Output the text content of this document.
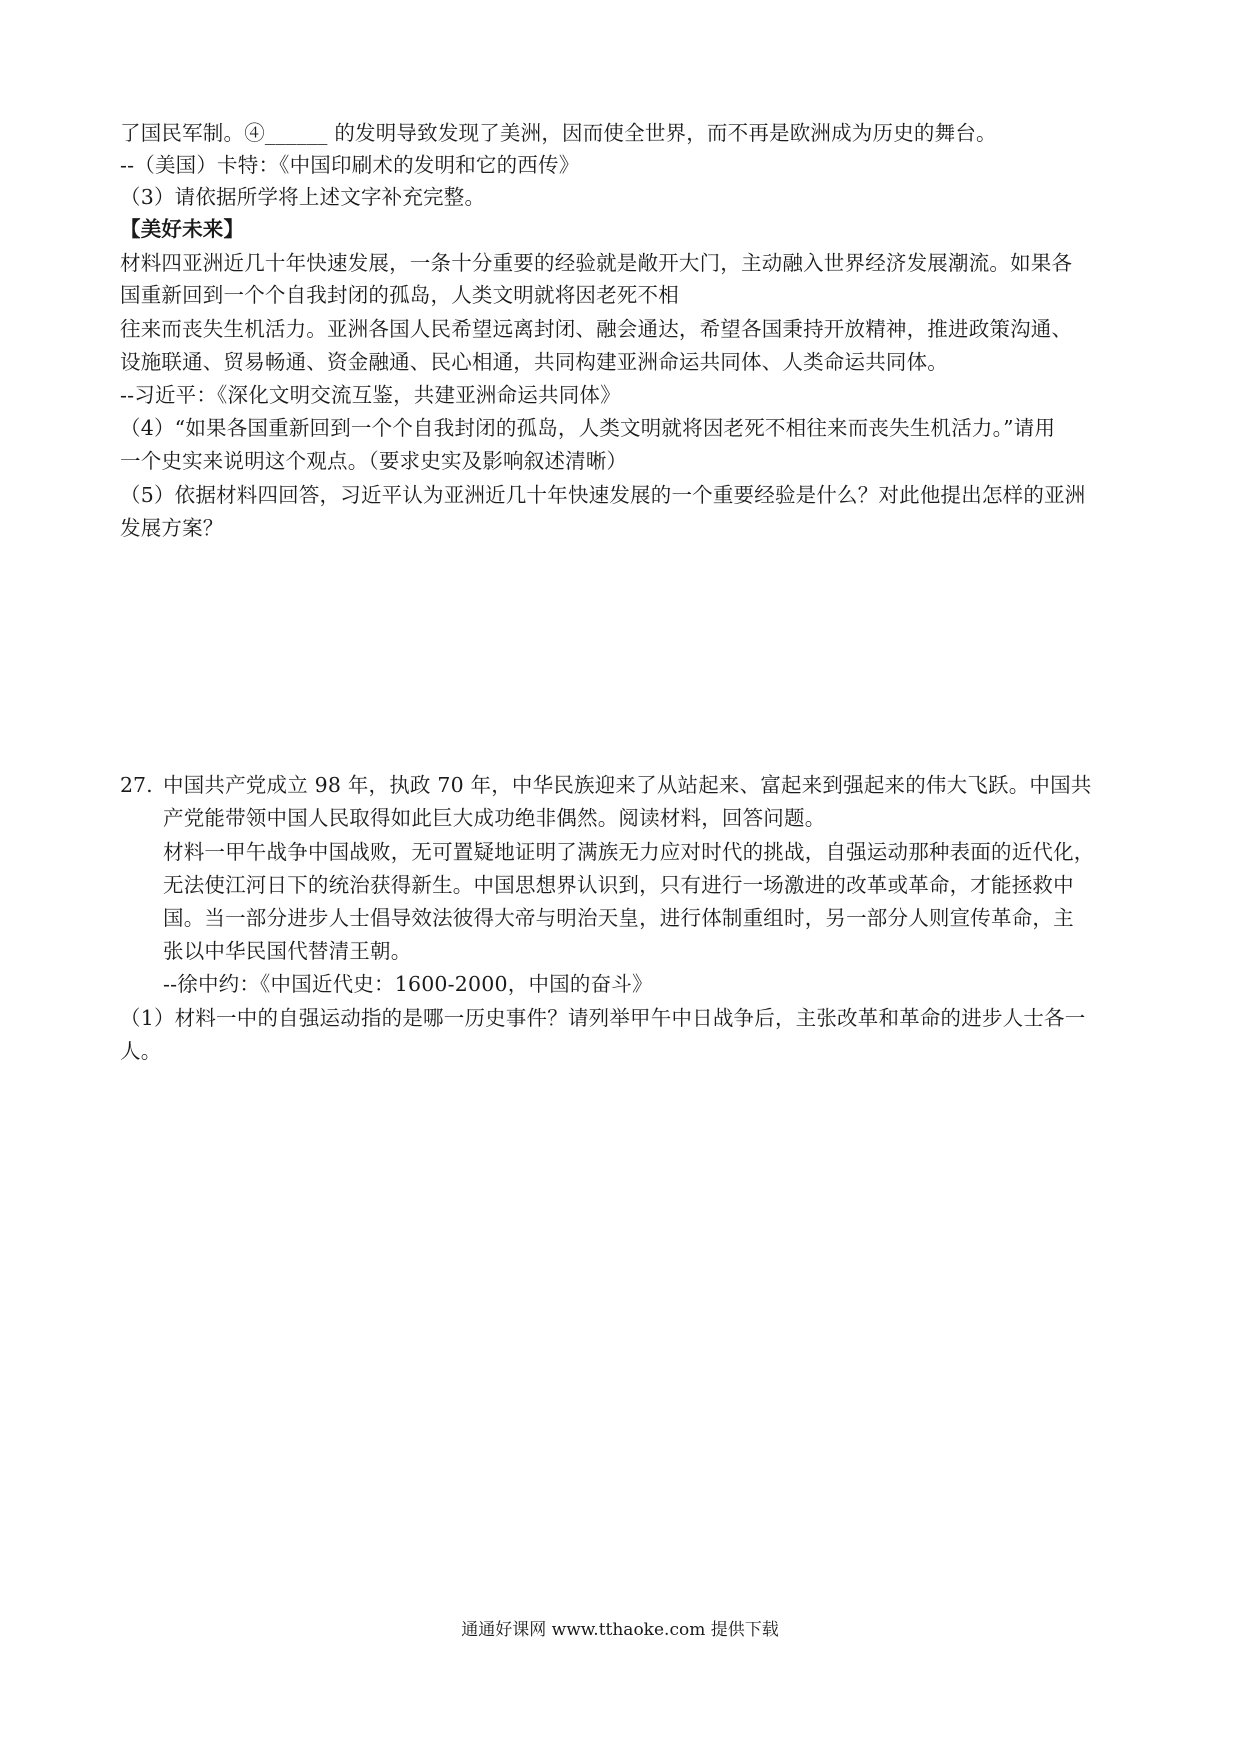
了国民军制。④______ 的发明导致发现了美洲，因而使全世界，而不再是欧洲成为历史的舞台。
--（美国）卡特：《中国印刷术的发明和它的西传》
（3）请依据所学将上述文字补充完整。
【美好未来】
材料四亚洲近几十年快速发展，一条十分重要的经验就是敞开大门，主动融入世界经济发展潮流。如果各
国重新回到一个个自我封闭的孤岛，人类文明就将因老死不相
往来而丧失生机活力。亚洲各国人民希望远离封闭、融会通达，希望各国秉持开放精神，推进政策沟通、
设施联通、贸易畅通、资金融通、民心相通，共同构建亚洲命运共同体、人类命运共同体。
--习近平：《深化文明交流互鉴，共建亚洲命运共同体》
（4）“如果各国重新回到一个个自我封闭的孤岛，人类文明就将因老死不相往来而丧失生机活力。”请用
一个史实来说明这个观点。（要求史实及影响叙述清晰）
（5）依据材料四回答，习近平认为亚洲近几十年快速发展的一个重要经验是什么？对此他提出怎样的亚洲
发展方案？
27. 中国共产党成立 98 年，执政 70 年，中华民族迎来了从站起来、富起来到强起来的伟大飞跃。中国共
产党能带领中国人民取得如此巨大成功绝非偶然。阅读材料，回答问题。
材料一甲午战争中国战败，无可置疑地证明了满族无力应对时代的挑战，自强运动那种表面的近代化，
无法使江河日下的统治获得新生。中国思想界认识到，只有进行一场激进的改革或革命，才能拯救中
国。当一部分进步人士倡导效法彼得大帝与明治天皇，进行体制重组时，另一部分人则宣传革命，主
张以中华民国代替清王朝。
--徐中约：《中国近代史：1600-2000，中国的奋斗》
（1）材料一中的自强运动指的是哪一历史事件？请列举甲午中日战争后，主张改革和革命的进步人士各一
人。
通通好课网 www.tthaoke.com 提供下载
